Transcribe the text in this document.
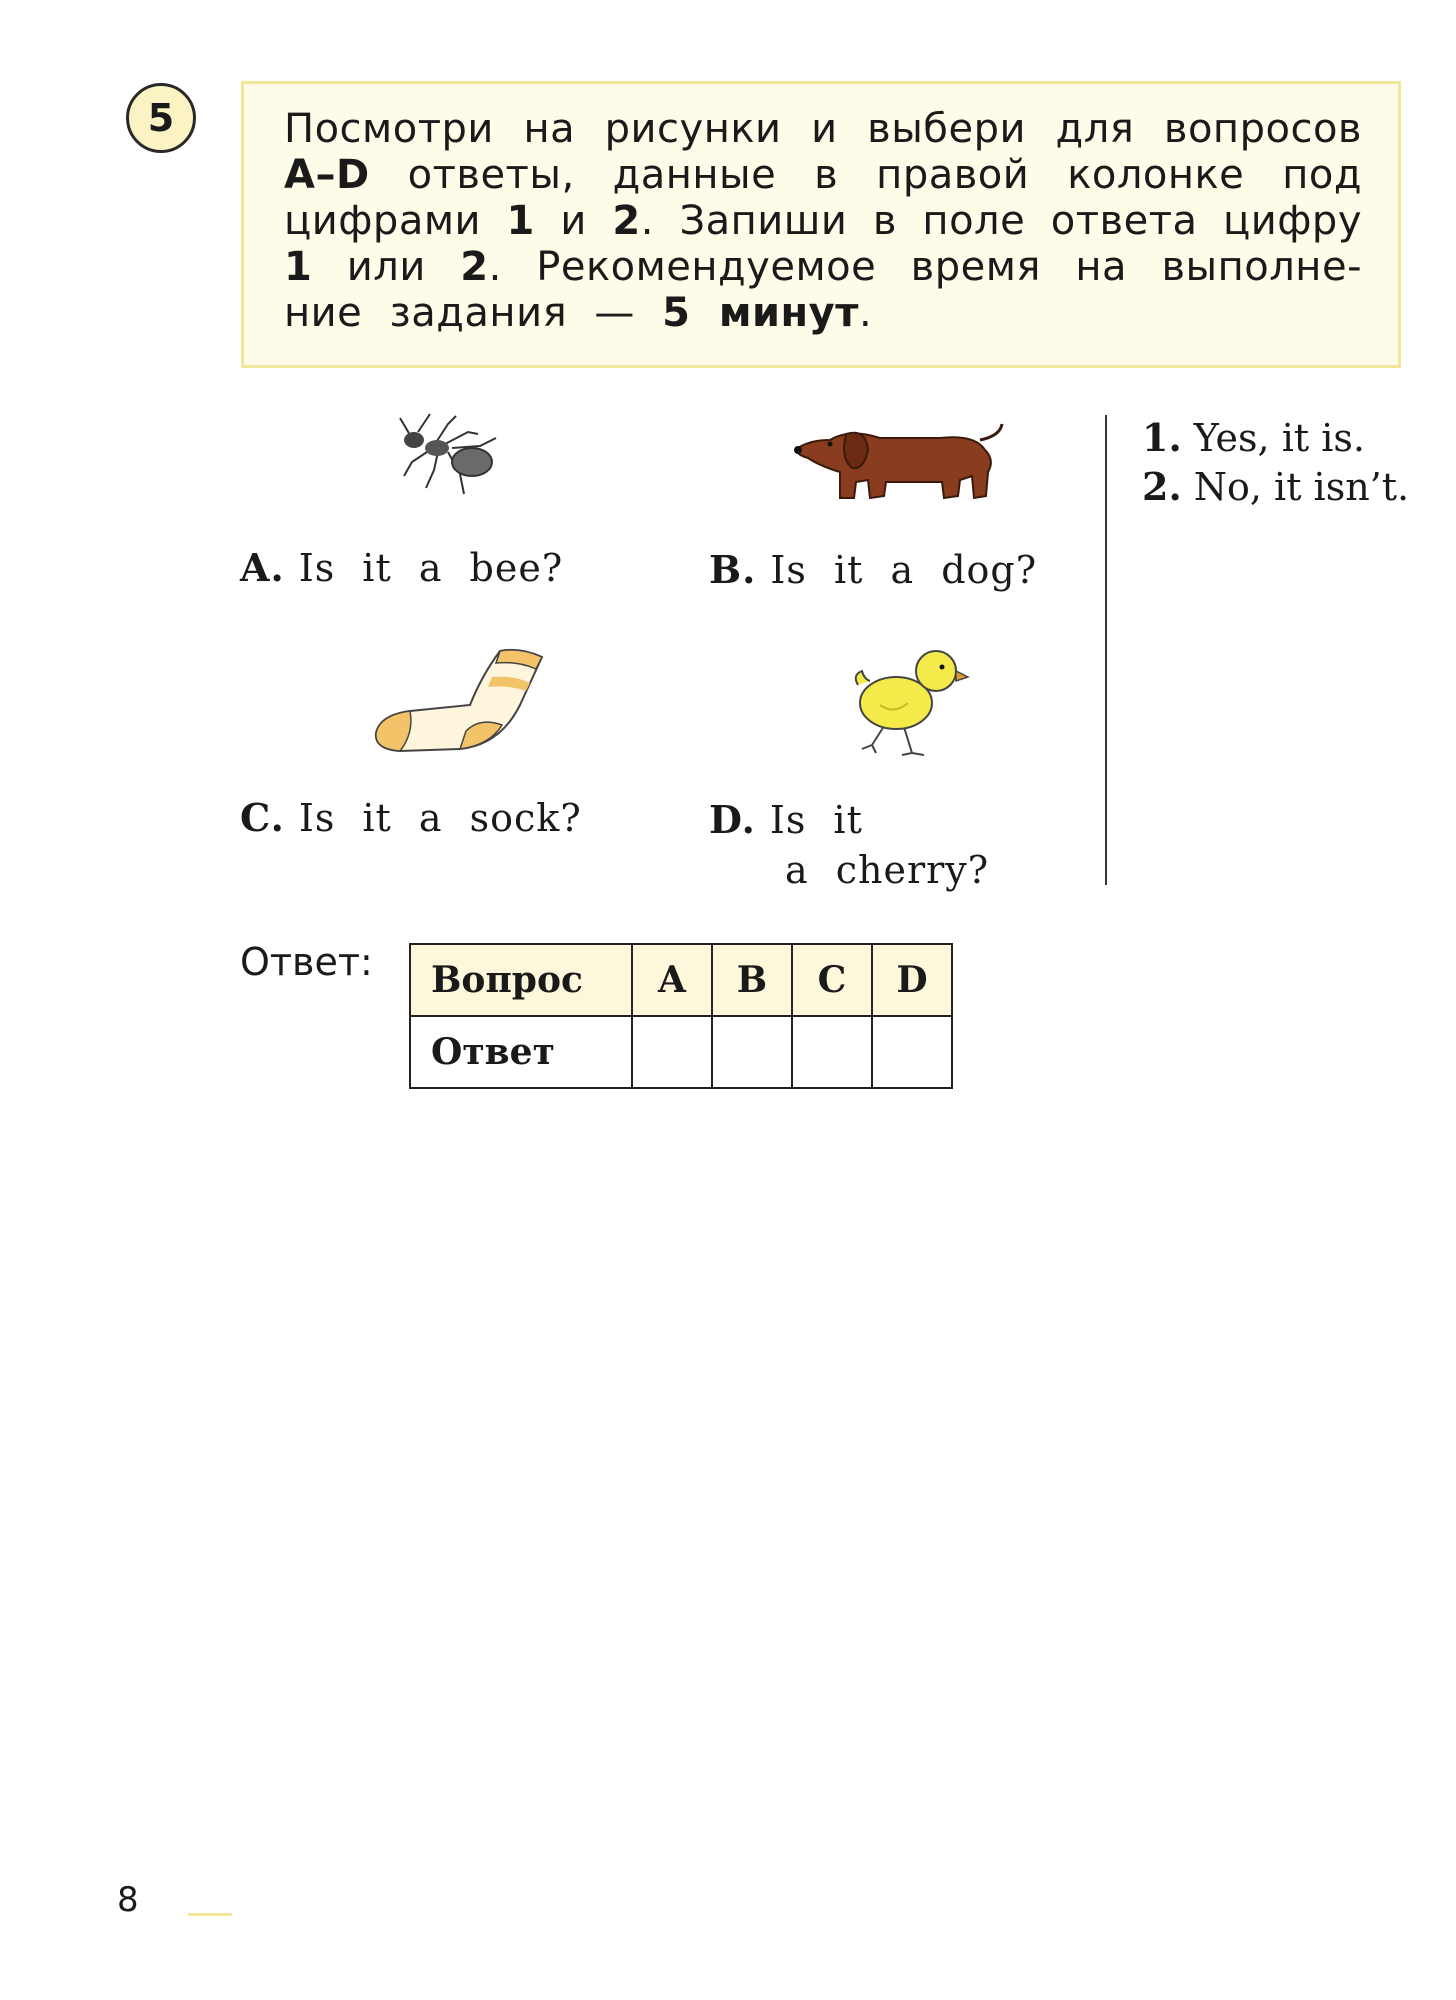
5	Посмотри на рисунки и выбери для вопросов
A–D ответы, данные в правой колонке под
цифрами 1 и 2. Запиши в поле ответа цифру
1 или 2. Рекомендуемое время на выполне-
ние задания — 5 минут.
A. Is it a bee?	B. Is it a dog?
C. Is it a sock?	D. Is it
a cherry?
1. Yes, it is.
2. No, it isn’t.
Ответ: Вопрос	A	B	C	D
Ответ				
8
